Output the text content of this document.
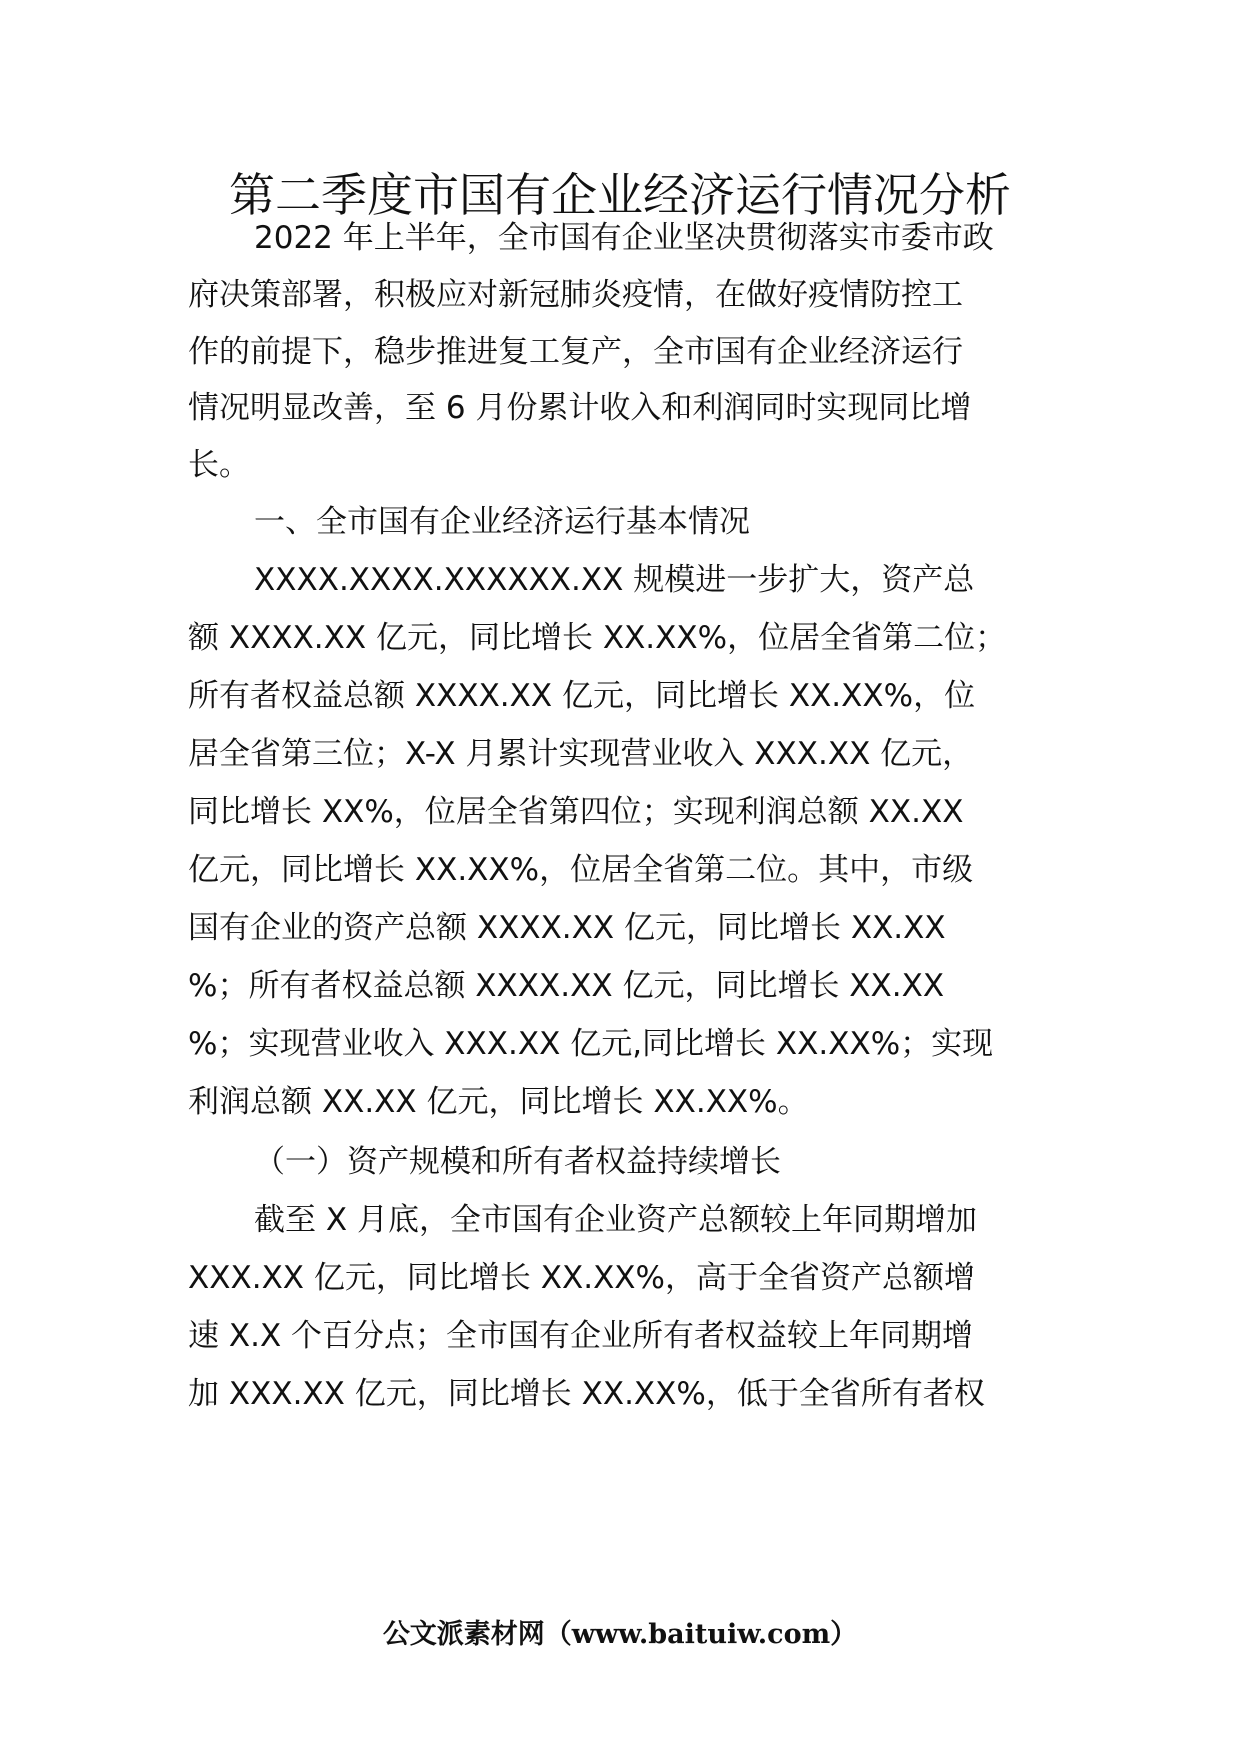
第二季度市国有企业经济运行情况分析
2022 年上半年，全市国有企业坚决贯彻落实市委市政
府决策部署，积极应对新冠肺炎疫情，在做好疫情防控工
作的前提下，稳步推进复工复产，全市国有企业经济运行
情况明显改善，至 6 月份累计收入和利润同时实现同比增
长。
一、全市国有企业经济运行基本情况
XXXX.XXXX.XXXXXX.XX 规模进一步扩大，资产总
额 XXXX.XX 亿元，同比增长 XX.XX%，位居全省第二位；
所有者权益总额 XXXX.XX 亿元，同比增长 XX.XX%，位
居全省第三位；X-X 月累计实现营业收入 XXX.XX 亿元，
同比增长 XX%，位居全省第四位；实现利润总额 XX.XX
亿元，同比增长 XX.XX%，位居全省第二位。其中，市级
国有企业的资产总额 XXXX.XX 亿元，同比增长 XX.XX
%；所有者权益总额 XXXX.XX 亿元，同比增长 XX.XX
%；实现营业收入 XXX.XX 亿元,同比增长 XX.XX%；实现
利润总额 XX.XX 亿元，同比增长 XX.XX%。
（一）资产规模和所有者权益持续增长
截至 X 月底，全市国有企业资产总额较上年同期增加
XXX.XX 亿元，同比增长 XX.XX%，高于全省资产总额增
速 X.X 个百分点；全市国有企业所有者权益较上年同期增
加 XXX.XX 亿元，同比增长 XX.XX%，低于全省所有者权
公文派素材网（www.baituiw.com）
